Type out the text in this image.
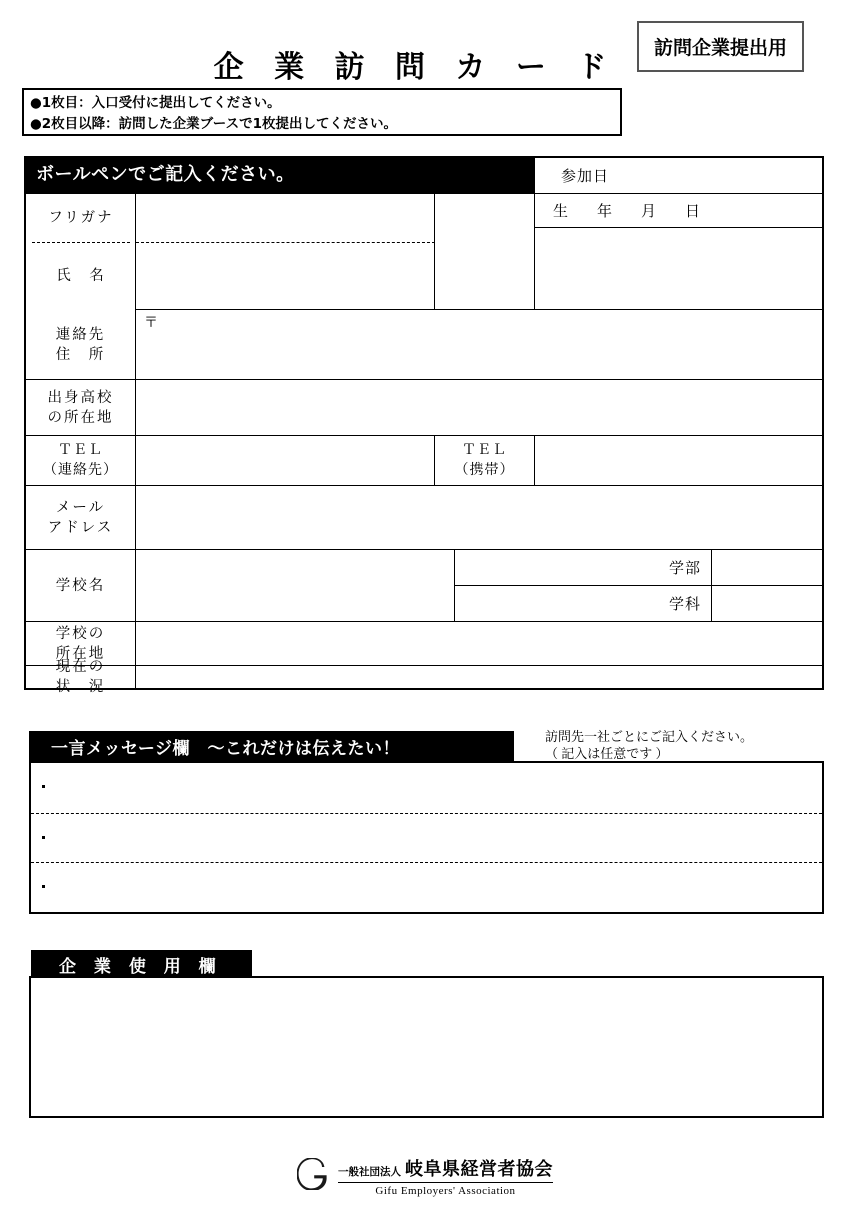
訪問企業提出用
企 業 訪 問 カ ー ド
●1枚目：入口受付に提出してください。
●2枚目以降：訪問した企業ブースで1枚提出してください。
ボールペンでご記入ください。	参加日
フリガナ
氏　名
生　年　月　日
連絡先
住　所
〒
出身高校
の所在地
ＴＥＬ
（連絡先）
ＴＥＬ
（携帯）
メール
アドレス
学校名
学部
学科
学校の
所在地
現在の
状　況
一言メッセージ欄　〜これだけは伝えたい！
訪問先一社ごとにご記入ください。
（ 記入は任意です ）
企 業 使 用 欄
一般社団法人 岐阜県経営者協会
Gifu Employers' Association
